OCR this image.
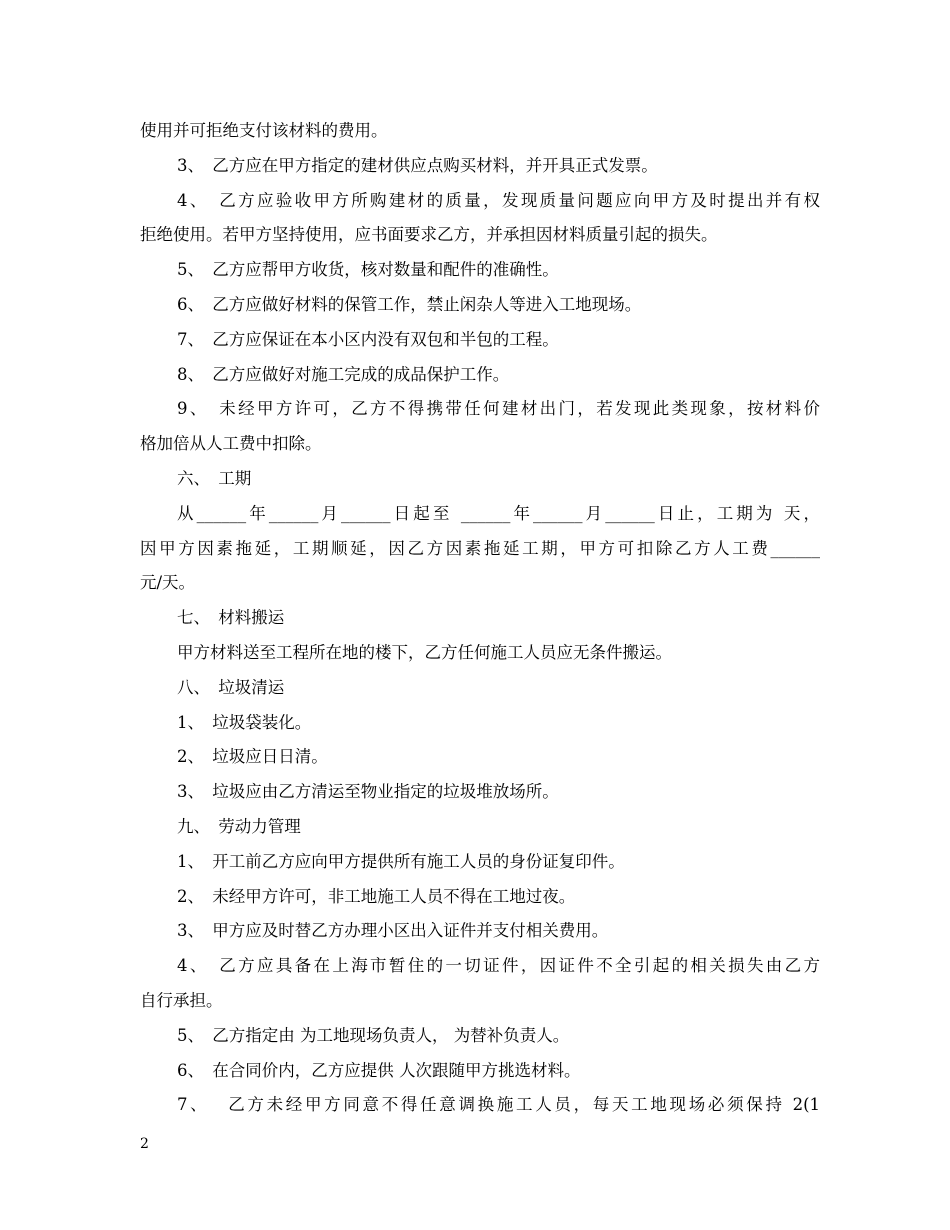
使用并可拒绝支付该材料的费用。

3、　乙方应在甲方指定的建材供应点购买材料，并开具正式发票。

4、　乙方应验收甲方所购建材的质量，发现质量问题应向甲方及时提出并有权

拒绝使用。若甲方坚持使用，应书面要求乙方，并承担因材料质量引起的损失。

5、　乙方应帮甲方收货，核对数量和配件的准确性。

6、　乙方应做好材料的保管工作，禁止闲杂人等进入工地现场。

7、　乙方应保证在本小区内没有双包和半包的工程。

8、　乙方应做好对施工完成的成品保护工作。

9、　未经甲方许可，乙方不得携带任何建材出门，若发现此类现象，按材料价

格加倍从人工费中扣除。

六、　工期

从______年______月______日起至 ______年______月______日止，工期为 天，

因甲方因素拖延，工期顺延，因乙方因素拖延工期，甲方可扣除乙方人工费______

元/天。

七、　材料搬运

甲方材料送至工程所在地的楼下，乙方任何施工人员应无条件搬运。

八、　垃圾清运

1、　垃圾袋装化。

2、　垃圾应日日清。

3、　垃圾应由乙方清运至物业指定的垃圾堆放场所。

九、　劳动力管理

1、　开工前乙方应向甲方提供所有施工人员的身份证复印件。

2、　未经甲方许可，非工地施工人员不得在工地过夜。

3、　甲方应及时替乙方办理小区出入证件并支付相关费用。

4、　乙方应具备在上海市暂住的一切证件，因证件不全引起的相关损失由乙方

自行承担。

5、　乙方指定由 为工地现场负责人， 为替补负责人。

6、　在合同价内，乙方应提供 人次跟随甲方挑选材料。

7、　 乙方未经甲方同意不得任意调换施工人员，每天工地现场必须保持 2(1

2
